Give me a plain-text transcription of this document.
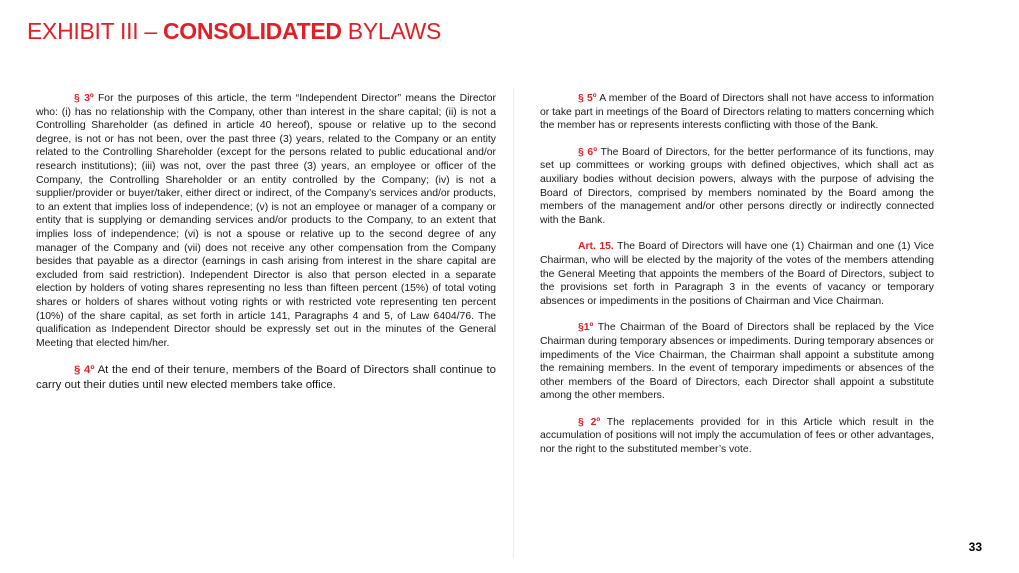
EXHIBIT III – CONSOLIDATED BYLAWS

§ 3º For the purposes of this article, the term “Independent Director” means the Director who: (i) has no relationship with the Company, other than interest in the share capital; (ii) is not a Controlling Shareholder (as defined in article 40 hereof), spouse or relative up to the second degree, is not or has not been, over the past three (3) years, related to the Company or an entity related to the Controlling Shareholder (except for the persons related to public educational and/or research institutions); (iii) was not, over the past three (3) years, an employee or officer of the Company, the Controlling Shareholder or an entity controlled by the Company; (iv) is not a supplier/provider or buyer/taker, either direct or indirect, of the Company’s services and/or products, to an extent that implies loss of independence; (v) is not an employee or manager of a company or entity that is supplying or demanding services and/or products to the Company, to an extent that implies loss of independence; (vi) is not a spouse or relative up to the second degree of any manager of the Company and (vii) does not receive any other compensation from the Company besides that payable as a director (earnings in cash arising from interest in the share capital are excluded from said restriction). Independent Director is also that person elected in a separate election by holders of voting shares representing no less than fifteen percent (15%) of total voting shares or holders of shares without voting rights or with restricted vote representing ten percent (10%) of the share capital, as set forth in article 141, Paragraphs 4 and 5, of Law 6404/76. The qualification as Independent Director should be expressly set out in the minutes of the General Meeting that elected him/her.

§ 4º At the end of their tenure, members of the Board of Directors shall continue to carry out their duties until new elected members take office.

§ 5º A member of the Board of Directors shall not have access to information or take part in meetings of the Board of Directors relating to matters concerning which the member has or represents interests conflicting with those of the Bank.

§ 6º The Board of Directors, for the better performance of its functions, may set up committees or working groups with defined objectives, which shall act as auxiliary bodies without decision powers, always with the purpose of advising the Board of Directors, comprised by members nominated by the Board among the members of the management and/or other persons directly or indirectly connected with the Bank.

Art. 15. The Board of Directors will have one (1) Chairman and one (1) Vice Chairman, who will be elected by the majority of the votes of the members attending the General Meeting that appoints the members of the Board of Directors, subject to the provisions set forth in Paragraph 3 in the events of vacancy or temporary absences or impediments in the positions of Chairman and Vice Chairman.

§1º The Chairman of the Board of Directors shall be replaced by the Vice Chairman during temporary absences or impediments. During temporary absences or impediments of the Vice Chairman, the Chairman shall appoint a substitute among the remaining members. In the event of temporary impediments or absences of the other members of the Board of Directors, each Director shall appoint a substitute among the other members.

§ 2º The replacements provided for in this Article which result in the accumulation of positions will not imply the accumulation of fees or other advantages, nor the right to the substituted member’s vote.

33
